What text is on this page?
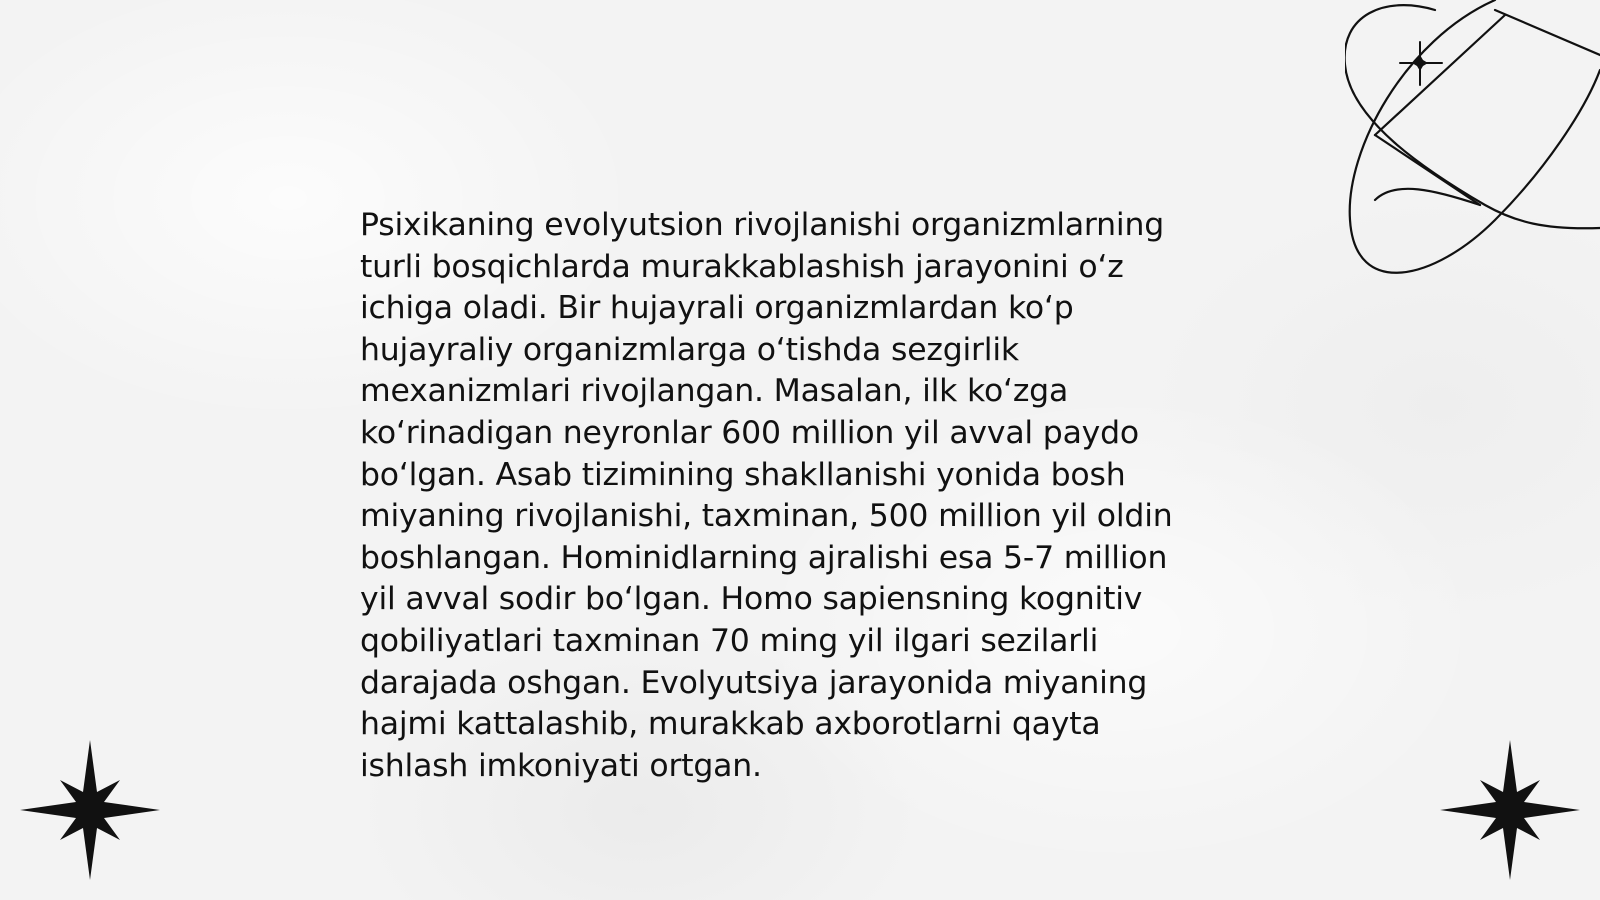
Psixikaning evolyutsion rivojlanishi organizmlarning
turli bosqichlarda murakkablashish jarayonini o‘z
ichiga oladi. Bir hujayrali organizmlardan ko‘p
hujayraliy organizmlarga o‘tishda sezgirlik
mexanizmlari rivojlangan. Masalan, ilk ko‘zga
ko‘rinadigan neyronlar 600 million yil avval paydo
bo‘lgan. Asab tizimining shakllanishi yonida bosh
miyaning rivojlanishi, taxminan, 500 million yil oldin
boshlangan. Hominidlarning ajralishi esa 5-7 million
yil avval sodir bo‘lgan. Homo sapiensning kognitiv
qobiliyatlari taxminan 70 ming yil ilgari sezilarli
darajada oshgan. Evolyutsiya jarayonida miyaning
hajmi kattalashib, murakkab axborotlarni qayta
ishlash imkoniyati ortgan.
